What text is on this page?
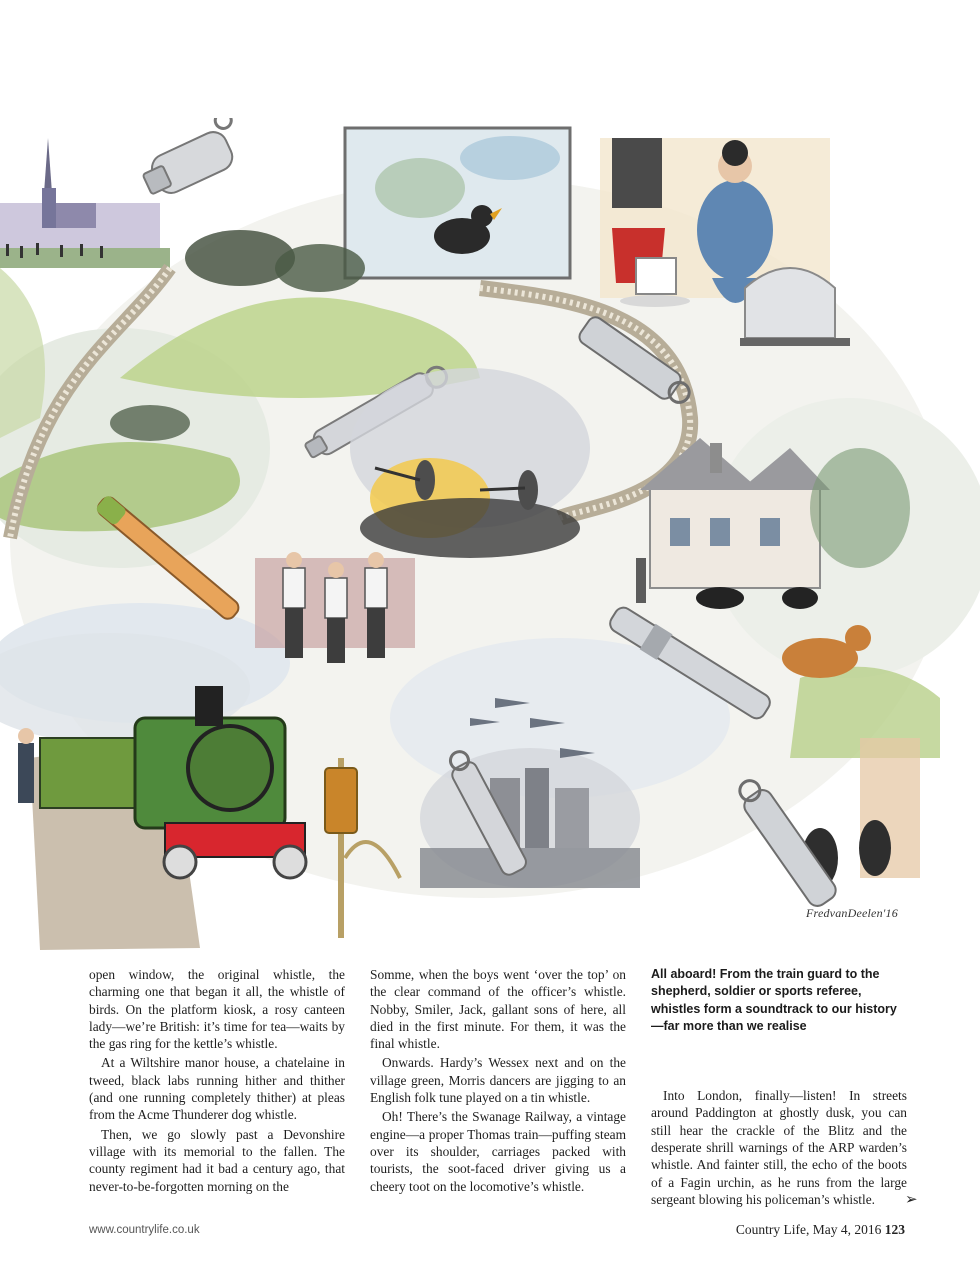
FredvanDeelen'16

open window, the original whistle, the charming one that began it all, the whistle of birds. On the platform kiosk, a rosy canteen lady—we’re British: it’s time for tea—waits by the gas ring for the kettle’s whistle.

At a Wiltshire manor house, a chatelaine in tweed, black labs running hither and thither (and one running completely thither) at pleas from the Acme Thunderer dog whistle.

Then, we go slowly past a Devonshire village with its memorial to the fallen. The county regiment had it bad a century ago, that never-to-be-forgotten morning on the

Somme, when the boys went ‘over the top’ on the clear command of the officer’s whistle. Nobby, Smiler, Jack, gallant sons of here, all died in the first minute. For them, it was the final whistle.

Onwards. Hardy’s Wessex next and on the village green, Morris dancers are jigging to an English folk tune played on a tin whistle.

Oh! There’s the Swanage Railway, a vintage engine—a proper Thomas train—puffing steam over its shoulder, carriages packed with tourists, the soot-faced driver giving us a cheery toot on the locomotive’s whistle.

All aboard! From the train guard to the shepherd, soldier or sports referee, whistles form a soundtrack to our history—far more than we realise

Into London, finally—listen! In streets around Paddington at ghostly dusk, you can still hear the crackle of the Blitz and the desperate shrill warnings of the ARP warden’s whistle. And fainter still, the echo of the boots of a Fagin urchin, as he runs from the large sergeant blowing his policeman’s whistle.	➢
www.countrylife.co.uk	Country Life, May 4, 2016 123
